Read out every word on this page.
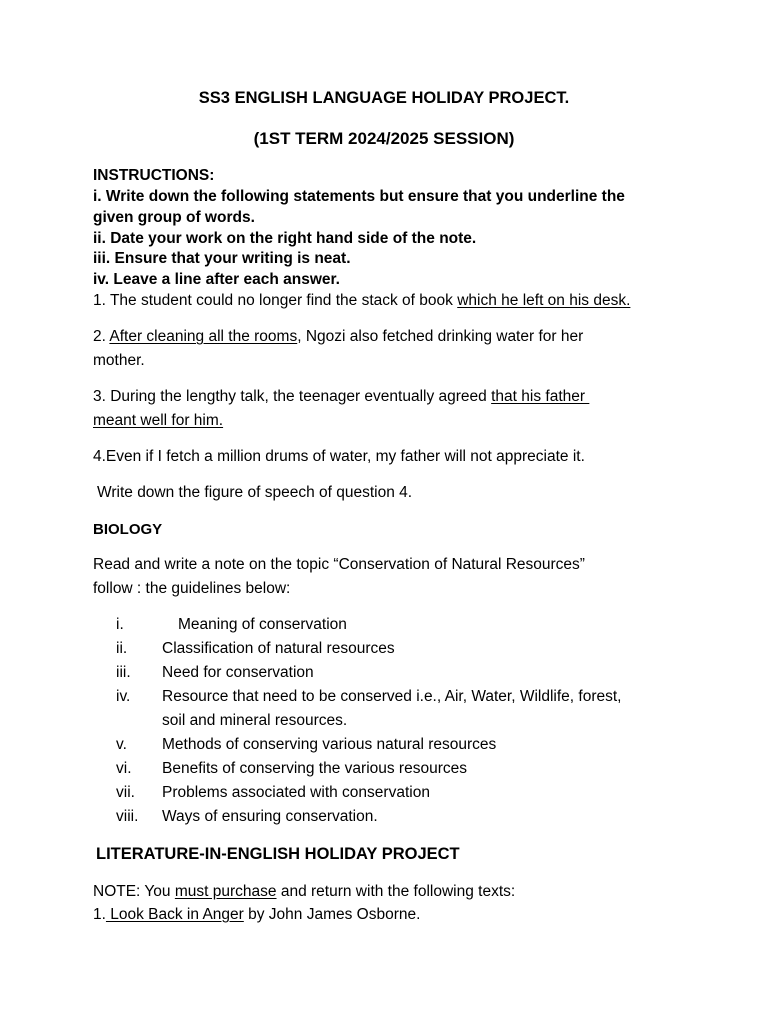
SS3 ENGLISH LANGUAGE HOLIDAY PROJECT.
(1ST TERM 2024/2025 SESSION)
INSTRUCTIONS:
i. Write down the following statements but ensure that you underline the
given group of words.
ii. Date your work on the right hand side of the note.
iii. Ensure that your writing is neat.
iv. Leave a line after each answer.
1. The student could no longer find the stack of book which he left on his desk.
2. After cleaning all the rooms, Ngozi also fetched drinking water for her
mother.
3. During the lengthy talk, the teenager eventually agreed that his father
meant well for him.
4.Even if I fetch a million drums of water, my father will not appreciate it.
Write down the figure of speech of question 4.
BIOLOGY
Read and write a note on the topic “Conservation of Natural Resources”
follow : the guidelines below:
i.	Meaning of conservation
ii. Classification of natural resources
iii. Need for conservation
iv. Resource that need to be conserved i.e., Air, Water, Wildlife, forest,
soil and mineral resources.
v. Methods of conserving various natural resources
vi. Benefits of conserving the various resources
vii. Problems associated with conservation
viii. Ways of ensuring conservation.
LITERATURE-IN-ENGLISH HOLIDAY PROJECT
NOTE: You must purchase and return with the following texts:
1. Look Back in Anger by John James Osborne.
